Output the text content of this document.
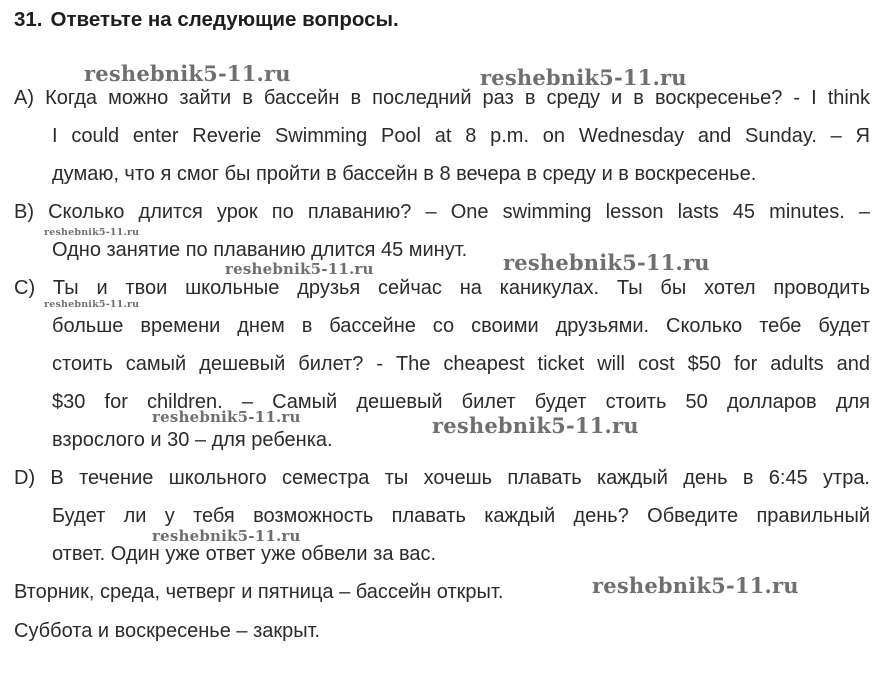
31. Ответьте на следующие вопросы.
reshebnik5-11.ru	reshebnik5-11.ru
reshebnik5-11.ru
reshebnik5-11.ru
reshebnik5-11.ru
reshebnik5-11.ru
reshebnik5-11.ru	reshebnik5-11.ru
reshebnik5-11.ru
reshebnik5-11.ru
A) Когда можно зайти в бассейн в последний раз в среду и в воскресенье? - I think
I could enter Reverie Swimming Pool at 8 p.m. on Wednesday and Sunday. – Я
думаю, что я смог бы пройти в бассейн в 8 вечера в среду и в воскресенье.
B) Сколько длится урок по плаванию? – One swimming lesson lasts 45 minutes. –
Одно занятие по плаванию длится 45 минут.
C) Ты и твои школьные друзья сейчас на каникулах. Ты бы хотел проводить
больше времени днем в бассейне со своими друзьями. Сколько тебе будет
стоить самый дешевый билет? - The cheapest ticket will cost $50 for adults and
$30 for children. – Самый дешевый билет будет стоить 50 долларов для
взрослого и 30 – для ребенка.
D) В течение школьного семестра ты хочешь плавать каждый день в 6:45 утра.
Будет ли у тебя возможность плавать каждый день? Обведите правильный
ответ. Один уже ответ уже обвели за вас.
Вторник, среда, четверг и пятница – бассейн открыт.
Суббота и воскресенье – закрыт.
